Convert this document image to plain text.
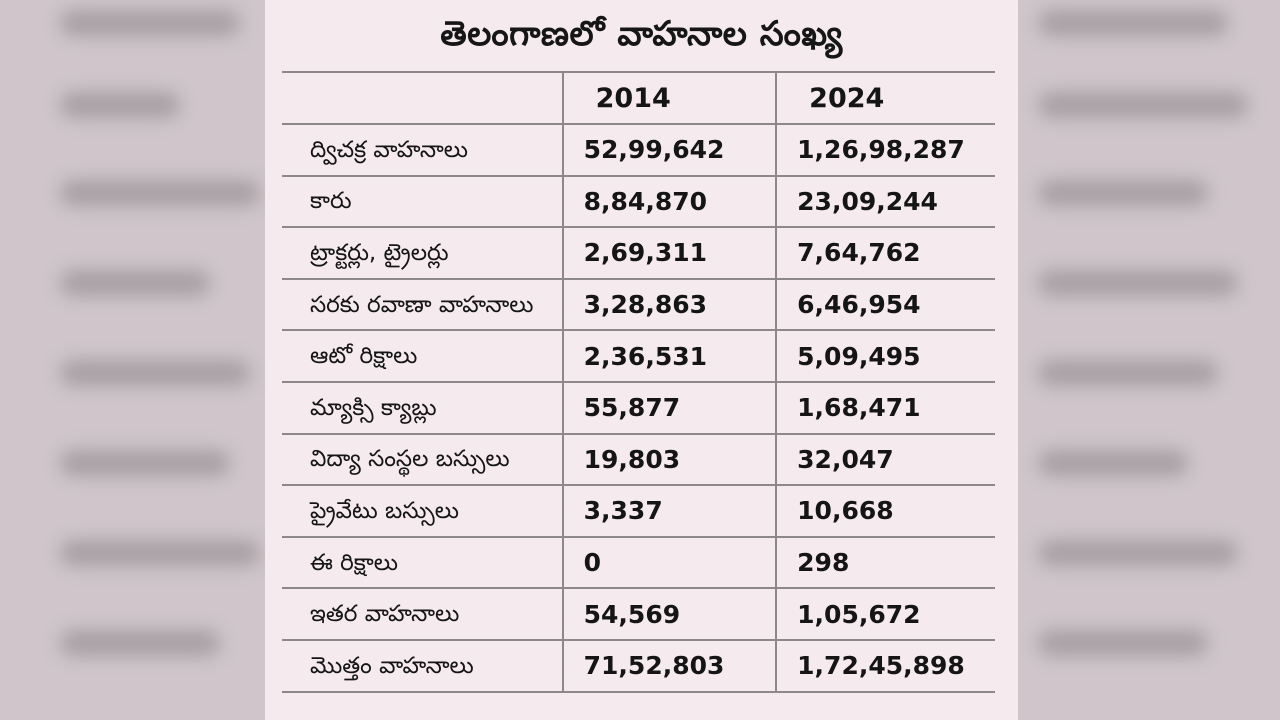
తెలంగాణలో వాహనాల సంఖ్య
	2014	2024
ద్విచక్ర వాహనాలు	52,99,642	1,26,98,287
కారు	8,84,870	23,09,244
ట్రాక్టర్లు, ట్రైలర్లు	2,69,311	7,64,762
సరకు రవాణా వాహనాలు	3,28,863	6,46,954
ఆటో రిక్షాలు	2,36,531	5,09,495
మ్యాక్సి క్యాబ్లు	55,877	1,68,471
విద్యా సంస్థల బస్సులు	19,803	32,047
ప్రైవేటు బస్సులు	3,337	10,668
ఈ రిక్షాలు	0	298
ఇతర వాహనాలు	54,569	1,05,672
మొత్తం వాహనాలు	71,52,803	1,72,45,898
